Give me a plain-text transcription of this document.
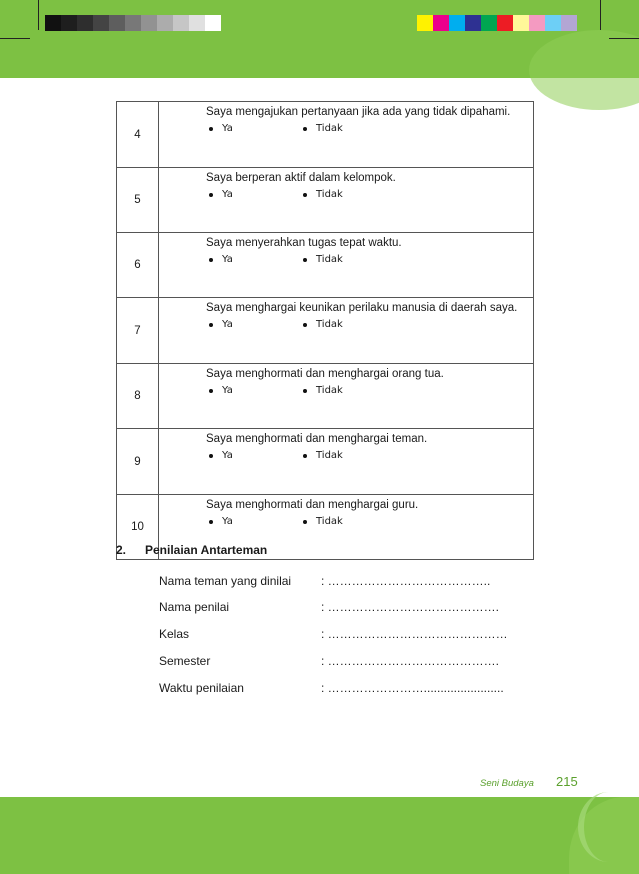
4	Saya mengajukan pertanyaan jika ada yang tidak dipahami.
Ya Tidak

5	Saya berperan aktif dalam kelompok.
Ya Tidak

6	Saya menyerahkan tugas tepat waktu.
Ya Tidak

7	Saya menghargai keunikan perilaku manusia di daerah saya.
Ya Tidak

8	Saya menghormati dan menghargai orang tua.
Ya Tidak

9	Saya menghormati dan menghargai teman.
Ya Tidak

10	Saya menghormati dan menghargai guru.
Ya Tidak
2. Penilaian Antarteman
Nama teman yang dinilai	: …………………………………..
Nama penilai	: …………………………………….
Kelas	: ………………………………………
Semester	: …………………………………….
Waktu penilaian	: ……………………........................
Seni Budaya 215
